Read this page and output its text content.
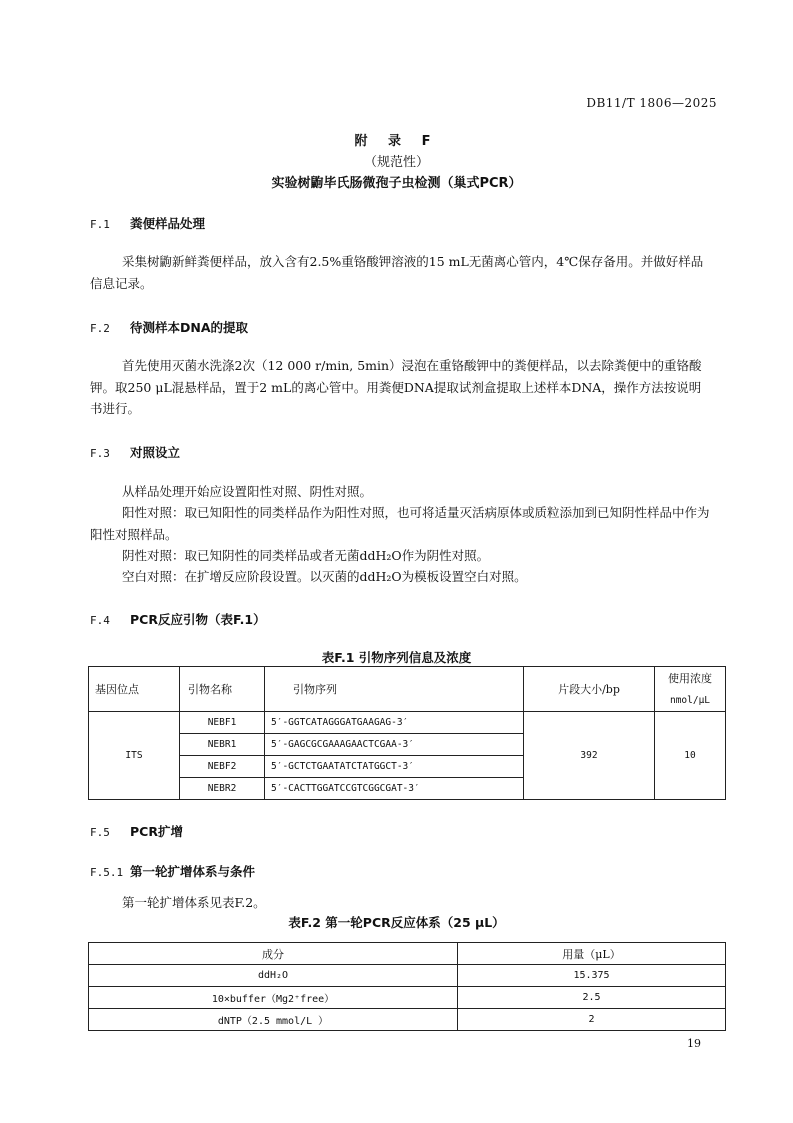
DB11/T 1806—2025
附 录 F
（规范性）
实验树鼩毕氏肠微孢子虫检测（巢式PCR）
F.1 粪便样品处理
采集树鼩新鲜粪便样品，放入含有2.5%重铬酸钾溶液的15 mL无菌离心管内，4℃保存备用。并做好样品信息记录。
F.2 待测样本DNA的提取
首先使用灭菌水洗涤2次（12 000 r/min, 5min）浸泡在重铬酸钾中的粪便样品，以去除粪便中的重铬酸钾。取250 μL混悬样品，置于2 mL的离心管中。用粪便DNA提取试剂盒提取上述样本DNA，操作方法按说明书进行。
F.3 对照设立
从样品处理开始应设置阳性对照、阴性对照。
阳性对照：取已知阳性的同类样品作为阳性对照，也可将适量灭活病原体或质粒添加到已知阴性样品中作为阳性对照样品。
阴性对照：取已知阴性的同类样品或者无菌ddH₂O作为阴性对照。
空白对照：在扩增反应阶段设置。以灭菌的ddH₂O为模板设置空白对照。
F.4 PCR反应引物（表F.1）
表F.1 引物序列信息及浓度
基因位点	引物名称	引物序列	片段大小/bp	使用浓度
				nmol/μL
ITS	NEBF1	5′-GGTCATAGGGATGAAGAG-3′	392	10
	NEBR1	5′-GAGCGCGAAAGAACTCGAA-3′		
	NEBF2	5′-GCTCTGAATATCTATGGCT-3′		
	NEBR2	5′-CACTTGGATCCGTCGGCGAT-3′		
F.5 PCR扩增
F.5.1 第一轮扩增体系与条件
第一轮扩增体系见表F.2。
表F.2 第一轮PCR反应体系（25 μL）
成分	用量（μL）
ddH₂O	15.375
10×buffer（Mg2⁺free）	2.5
dNTP（2.5 mmol/L ）	2
19
